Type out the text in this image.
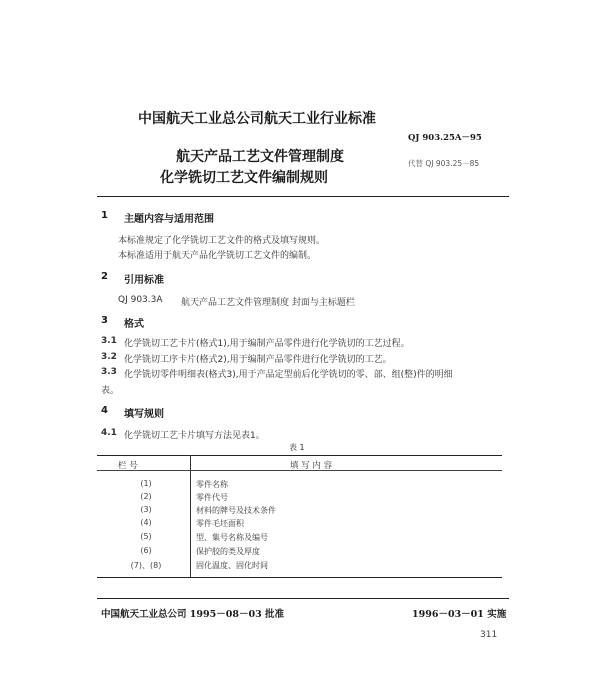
中国航天工业总公司航天工业行业标准
QJ 903.25A－95
航天产品工艺文件管理制度
化学铣切工艺文件编制规则
代替 QJ 903.25－85
1 主题内容与适用范围
本标准规定了化学铣切工艺文件的格式及填写规则。
本标准适用于航天产品化学铣切工艺文件的编制。
2 引用标准
QJ 903.3A 航天产品工艺文件管理制度 封面与主标题栏
3 格式
3.1 化学铣切工艺卡片(格式1),用于编制产品零件进行化学铣切的工艺过程。
3.2 化学铣切工序卡片(格式2),用于编制产品零件进行化学铣切的工艺。
3.3 化学铣切零件明细表(格式3),用于产品定型前后化学铣切的零、部、组(整)件的明细
表。
4 填写规则
4.1 化学铣切工艺卡片填写方法见表1。
表 1
栏 号	填 写 内 容
(1)	零件名称
(2)	零件代号
(3)	材料的牌号及技术条件
(4)	零件毛坯面积
(5)	型、集号名称及编号
(6)	保护胶的类及厚度
(7)、(8)	固化温度、固化时间
中国航天工业总公司 1995－08－03 批准	1996－03－01 实施
311
